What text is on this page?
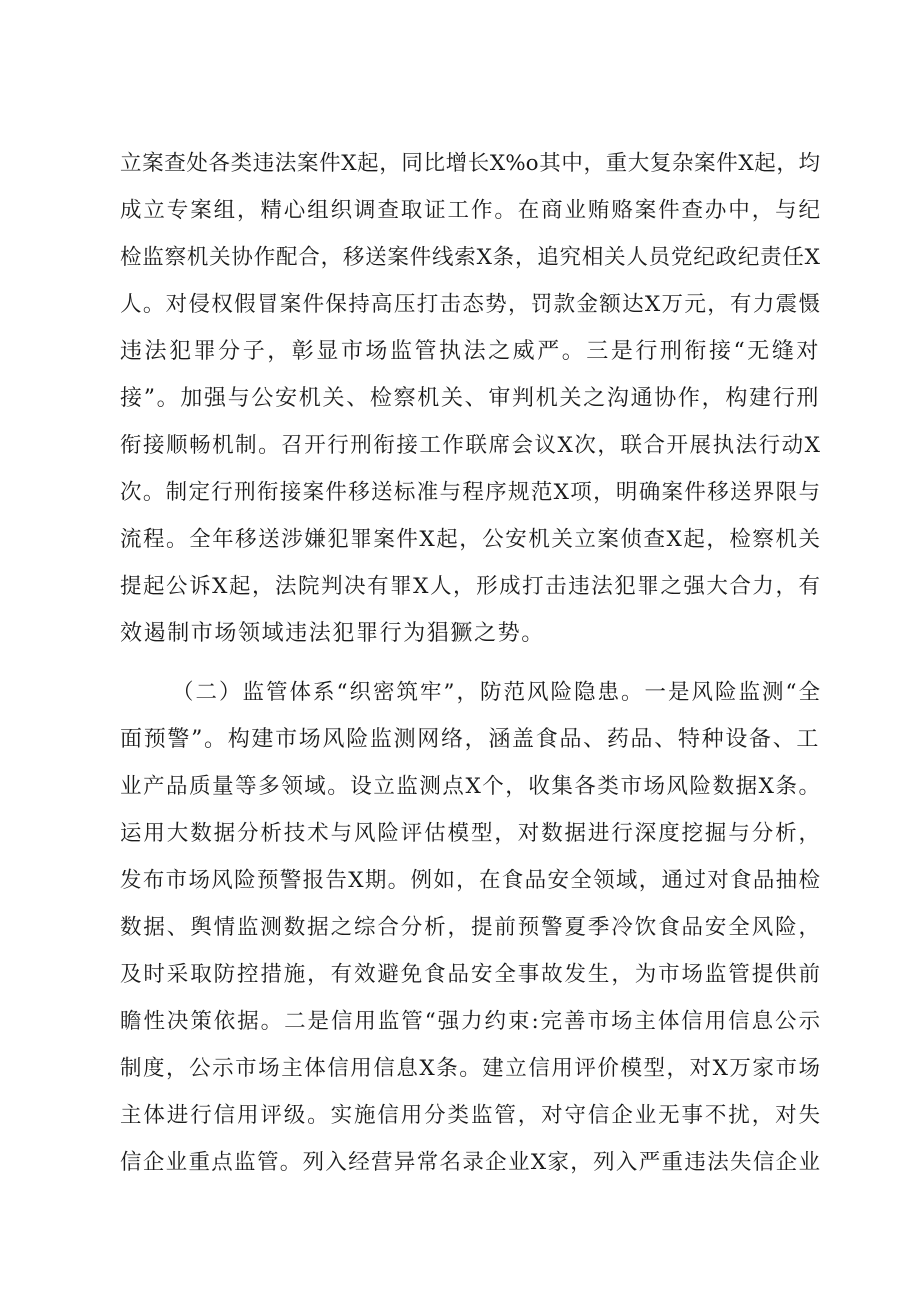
立案查处各类违法案件X起，同比增长X%o其中，重大复杂案件X起，均
成立专案组，精心组织调查取证工作。在商业贿赂案件查办中，与纪
检监察机关协作配合，移送案件线索X条，追究相关人员党纪政纪责任X
人。对侵权假冒案件保持高压打击态势，罚款金额达X万元，有力震慑
违法犯罪分子，彰显市场监管执法之威严。三是行刑衔接“无缝对
接”。加强与公安机关、检察机关、审判机关之沟通协作，构建行刑
衔接顺畅机制。召开行刑衔接工作联席会议X次，联合开展执法行动X
次。制定行刑衔接案件移送标准与程序规范X项，明确案件移送界限与
流程。全年移送涉嫌犯罪案件X起，公安机关立案侦查X起，检察机关
提起公诉X起，法院判决有罪X人，形成打击违法犯罪之强大合力，有
效遏制市场领域违法犯罪行为猖獗之势。
（二）监管体系“织密筑牢”，防范风险隐患。一是风险监测“全
面预警”。构建市场风险监测网络，涵盖食品、药品、特种设备、工
业产品质量等多领域。设立监测点X个，收集各类市场风险数据X条。
运用大数据分析技术与风险评估模型，对数据进行深度挖掘与分析，
发布市场风险预警报告X期。例如，在食品安全领域，通过对食品抽检
数据、舆情监测数据之综合分析，提前预警夏季冷饮食品安全风险，
及时采取防控措施，有效避免食品安全事故发生，为市场监管提供前
瞻性决策依据。二是信用监管“强力约束:完善市场主体信用信息公示
制度，公示市场主体信用信息X条。建立信用评价模型，对X万家市场
主体进行信用评级。实施信用分类监管，对守信企业无事不扰，对失
信企业重点监管。列入经营异常名录企业X家，列入严重违法失信企业
